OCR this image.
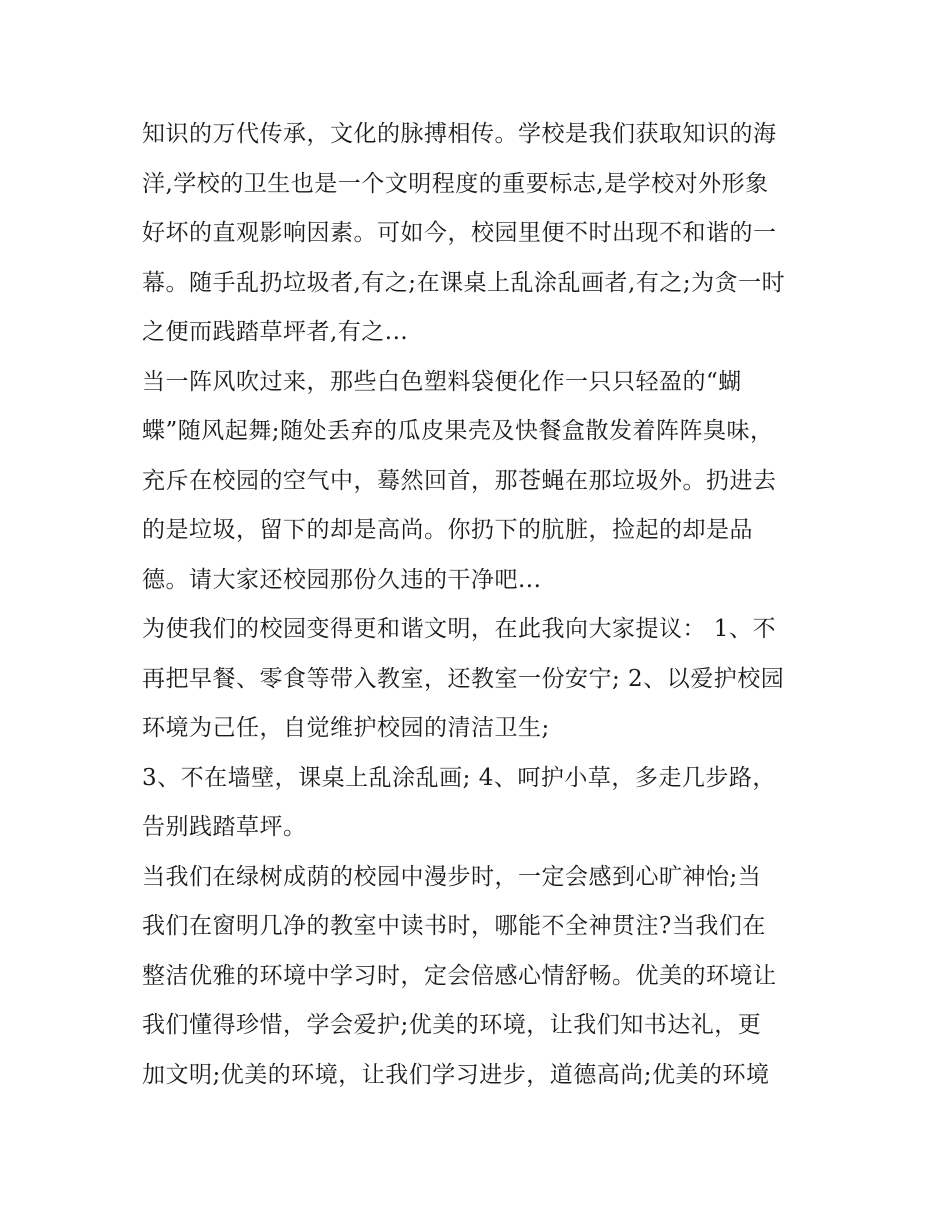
知识的万代传承，文化的脉搏相传。学校是我们获取知识的海
洋,学校的卫生也是一个文明程度的重要标志,是学校对外形象
好坏的直观影响因素。可如今，校园里便不时出现不和谐的一
幕。随手乱扔垃圾者,有之;在课桌上乱涂乱画者,有之;为贪一时
之便而践踏草坪者,有之...
当一阵风吹过来，那些白色塑料袋便化作一只只轻盈的“蝴
蝶”随风起舞;随处丢弃的瓜皮果壳及快餐盒散发着阵阵臭味，
充斥在校园的空气中，蓦然回首，那苍蝇在那垃圾外。扔进去
的是垃圾，留下的却是高尚。你扔下的肮脏，捡起的却是品
德。请大家还校园那份久违的干净吧...
为使我们的校园变得更和谐文明，在此我向大家提议： 1、不
再把早餐、零食等带入教室，还教室一份安宁; 2、以爱护校园
环境为己任，自觉维护校园的清洁卫生;
3、不在墙壁，课桌上乱涂乱画; 4、呵护小草，多走几步路，
告别践踏草坪。
当我们在绿树成荫的校园中漫步时，一定会感到心旷神怡;当
我们在窗明几净的教室中读书时，哪能不全神贯注?当我们在
整洁优雅的环境中学习时，定会倍感心情舒畅。优美的环境让
我们懂得珍惜，学会爱护;优美的环境，让我们知书达礼，更
加文明;优美的环境，让我们学习进步，道德高尚;优美的环境
